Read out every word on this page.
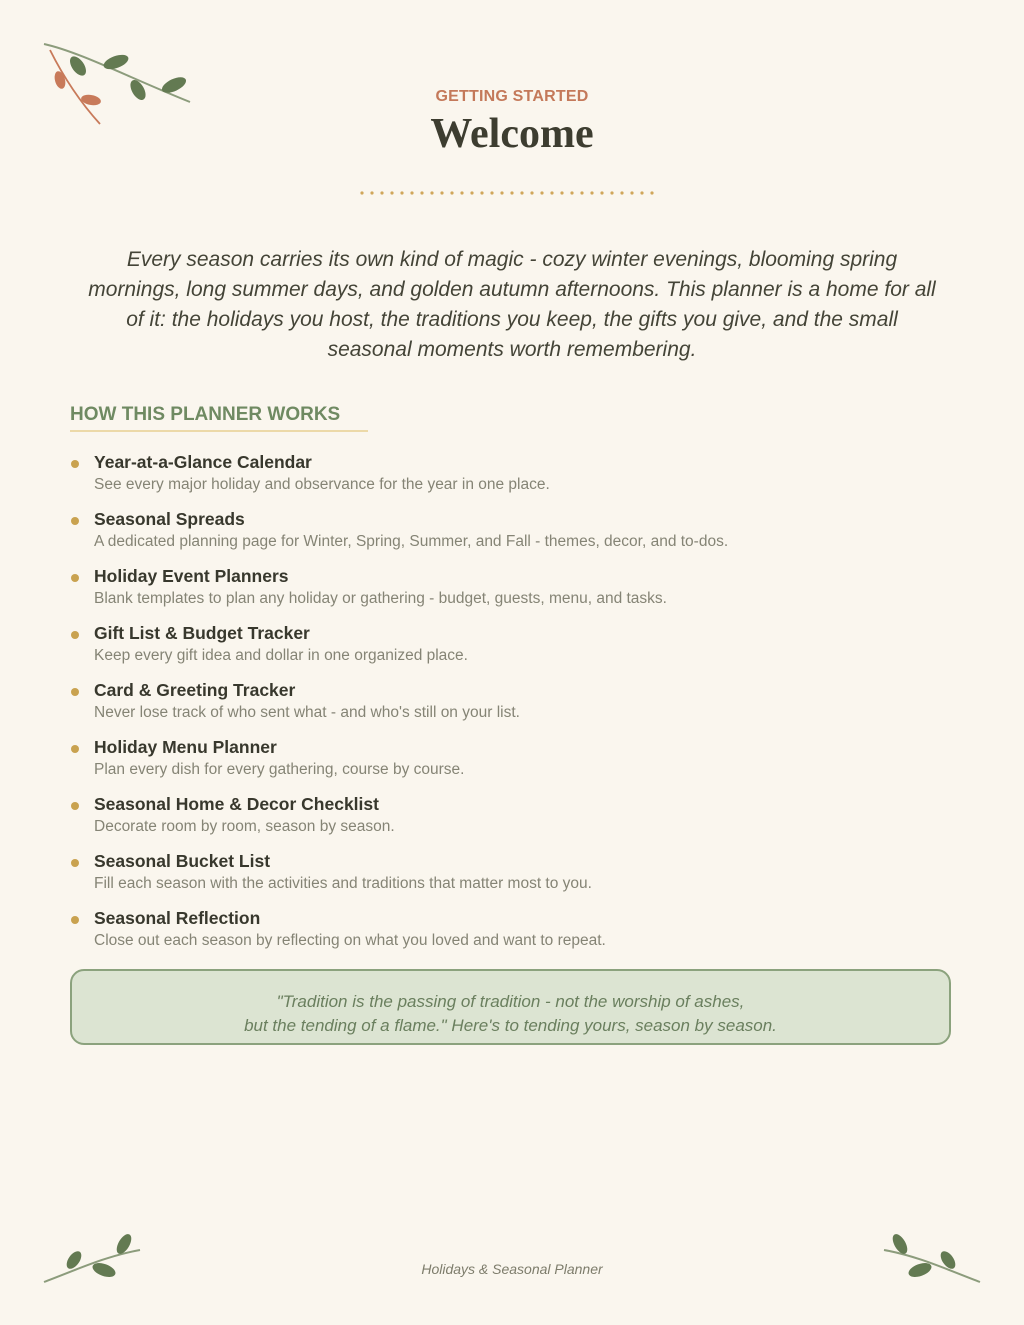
GETTING STARTED
Welcome
Every season carries its own kind of magic - cozy winter evenings, blooming spring mornings, long summer days, and golden autumn afternoons. This planner is a home for all of it: the holidays you host, the traditions you keep, the gifts you give, and the small seasonal moments worth remembering.
HOW THIS PLANNER WORKS
Year-at-a-Glance Calendar
See every major holiday and observance for the year in one place.
Seasonal Spreads
A dedicated planning page for Winter, Spring, Summer, and Fall - themes, decor, and to-dos.
Holiday Event Planners
Blank templates to plan any holiday or gathering - budget, guests, menu, and tasks.
Gift List & Budget Tracker
Keep every gift idea and dollar in one organized place.
Card & Greeting Tracker
Never lose track of who sent what - and who's still on your list.
Holiday Menu Planner
Plan every dish for every gathering, course by course.
Seasonal Home & Decor Checklist
Decorate room by room, season by season.
Seasonal Bucket List
Fill each season with the activities and traditions that matter most to you.
Seasonal Reflection
Close out each season by reflecting on what you loved and want to repeat.
"Tradition is the passing of tradition - not the worship of ashes,
but the tending of a flame." Here's to tending yours, season by season.
Holidays & Seasonal Planner
